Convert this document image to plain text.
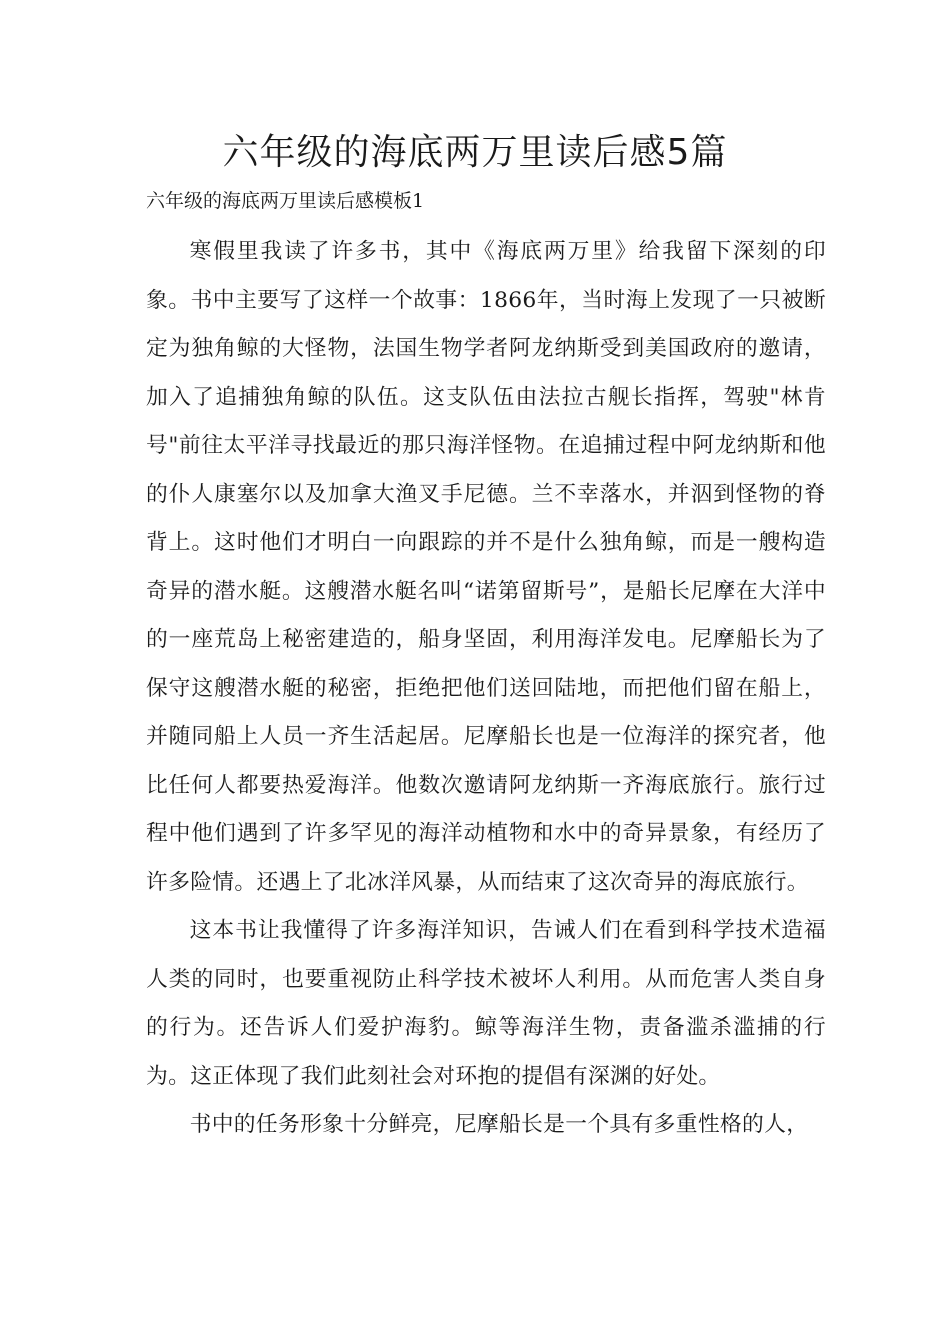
六年级的海底两万里读后感5篇

六年级的海底两万里读后感模板1

寒假里我读了许多书，其中《海底两万里》给我留下深刻的印象。书中主要写了这样一个故事：1866年，当时海上发现了一只被断定为独角鲸的大怪物，法国生物学者阿龙纳斯受到美国政府的邀请，加入了追捕独角鲸的队伍。这支队伍由法拉古舰长指挥，驾驶"林肯号"前往太平洋寻找最近的那只海洋怪物。在追捕过程中阿龙纳斯和他的仆人康塞尔以及加拿大渔叉手尼德。兰不幸落水，并泅到怪物的脊背上。这时他们才明白一向跟踪的并不是什么独角鲸，而是一艘构造奇异的潜水艇。这艘潜水艇名叫“诺第留斯号”，是船长尼摩在大洋中的一座荒岛上秘密建造的，船身坚固，利用海洋发电。尼摩船长为了保守这艘潜水艇的秘密，拒绝把他们送回陆地，而把他们留在船上，并随同船上人员一齐生活起居。尼摩船长也是一位海洋的探究者，他比任何人都要热爱海洋。他数次邀请阿龙纳斯一齐海底旅行。旅行过程中他们遇到了许多罕见的海洋动植物和水中的奇异景象，有经历了许多险情。还遇上了北冰洋风暴，从而结束了这次奇异的海底旅行。

这本书让我懂得了许多海洋知识，告诫人们在看到科学技术造福人类的同时，也要重视防止科学技术被坏人利用。从而危害人类自身的行为。还告诉人们爱护海豹。鲸等海洋生物，责备滥杀滥捕的行为。这正体现了我们此刻社会对环抱的提倡有深渊的好处。

书中的任务形象十分鲜亮，尼摩船长是一个具有多重性格的人，
